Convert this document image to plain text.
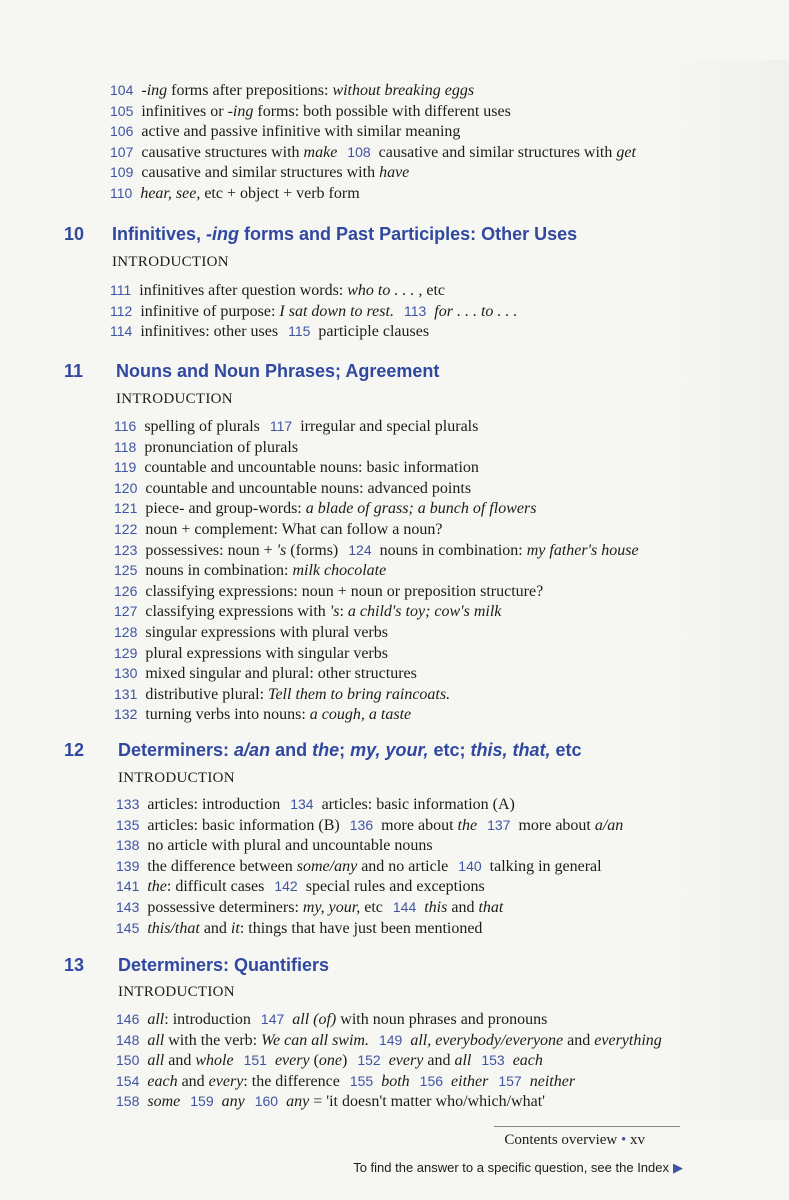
104 -ing forms after prepositions: without breaking eggs
105 infinitives or -ing forms: both possible with different uses
106 active and passive infinitive with similar meaning
107 causative structures with make 108 causative and similar structures with get
109 causative and similar structures with have
110 hear, see, etc + object + verb form
10 Infinitives, -ing forms and Past Participles: Other Uses
INTRODUCTION
111 infinitives after question words: who to . . . , etc
112 infinitive of purpose: I sat down to rest. 113 for . . . to . . .
114 infinitives: other uses 115 participle clauses
11 Nouns and Noun Phrases; Agreement
INTRODUCTION
116 spelling of plurals 117 irregular and special plurals
118 pronunciation of plurals
119 countable and uncountable nouns: basic information
120 countable and uncountable nouns: advanced points
121 piece- and group-words: a blade of grass; a bunch of flowers
122 noun + complement: What can follow a noun?
123 possessives: noun + 's (forms) 124 nouns in combination: my father's house
125 nouns in combination: milk chocolate
126 classifying expressions: noun + noun or preposition structure?
127 classifying expressions with 's: a child's toy; cow's milk
128 singular expressions with plural verbs
129 plural expressions with singular verbs
130 mixed singular and plural: other structures
131 distributive plural: Tell them to bring raincoats.
132 turning verbs into nouns: a cough, a taste
12 Determiners: a/an and the; my, your, etc; this, that, etc
INTRODUCTION
133 articles: introduction 134 articles: basic information (A)
135 articles: basic information (B) 136 more about the 137 more about a/an
138 no article with plural and uncountable nouns
139 the difference between some/any and no article 140 talking in general
141 the: difficult cases 142 special rules and exceptions
143 possessive determiners: my, your, etc 144 this and that
145 this/that and it: things that have just been mentioned
13 Determiners: Quantifiers
INTRODUCTION
146 all: introduction 147 all (of) with noun phrases and pronouns
148 all with the verb: We can all swim. 149 all, everybody/everyone and everything
150 all and whole 151 every (one) 152 every and all 153 each
154 each and every: the difference 155 both 156 either 157 neither
158 some 159 any 160 any = 'it doesn't matter who/which/what'
Contents overview • xv
To find the answer to a specific question, see the Index ▶
